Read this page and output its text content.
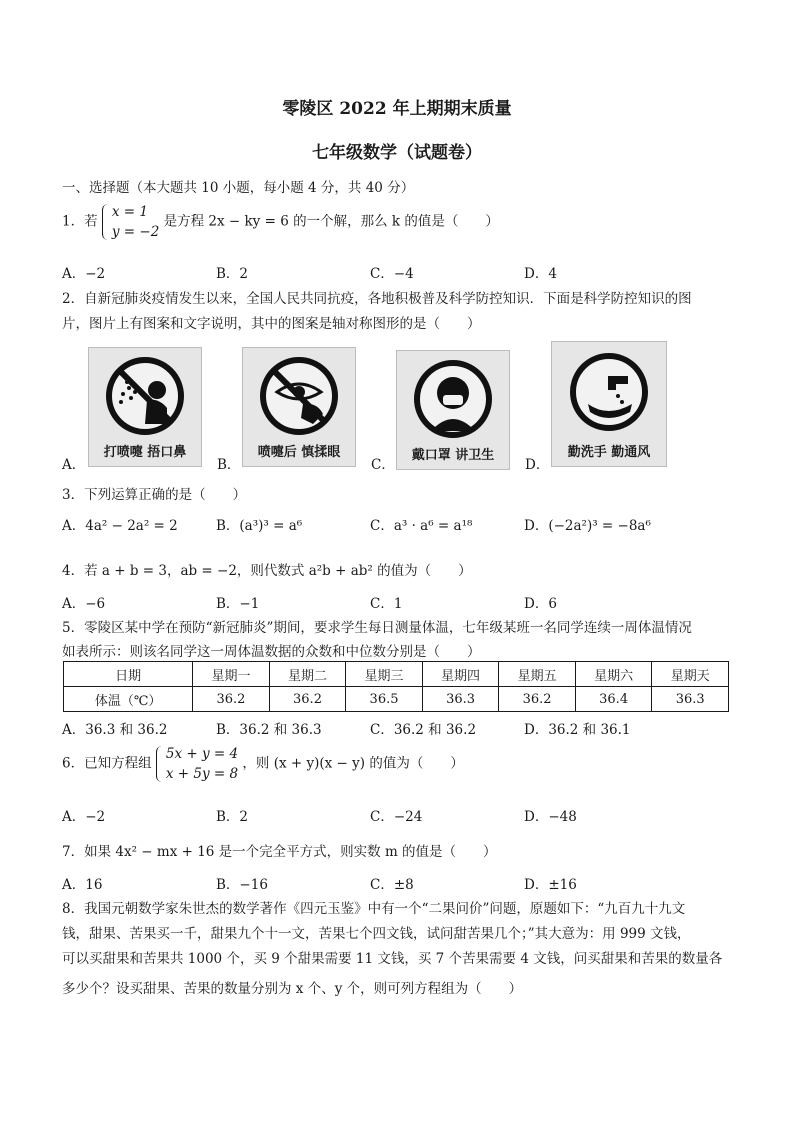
零陵区 2022 年上期期末质量
七年级数学（试题卷）
一、选择题（本大题共 10 小题，每小题 4 分，共 40 分）
1．若
x = 1
y = −2
是方程 2x − ky = 6 的一个解，那么 k 的值是（　　）
A．−2	B．2	C．−4	D．4
2．自新冠肺炎疫情发生以来，全国人民共同抗疫，各地积极普及科学防控知识．下面是科学防控知识的图
片，图片上有图案和文字说明，其中的图案是轴对称图形的是（　　）
A．
打喷嚏 捂口鼻
B．
喷嚏后 慎揉眼
C．
戴口罩 讲卫生
D．
勤洗手 勤通风
3．下列运算正确的是（　　）
A．4a² − 2a² = 2	B．(a³)³ = a⁶	C．a³ · a⁶ = a¹⁸	D．(−2a²)³ = −8a⁶
4．若 a + b = 3，ab = −2，则代数式 a²b + ab² 的值为（　　）
A．−6	B．−1	C．1	D．6
5．零陵区某中学在预防“新冠肺炎”期间，要求学生每日测量体温，七年级某班一名同学连续一周体温情况
如表所示：则该名同学这一周体温数据的众数和中位数分别是（　　）
日期	星期一	星期二	星期三	星期四	星期五	星期六	星期天
体温（℃）	36.2	36.2	36.5	36.3	36.2	36.4	36.3
A．36.3 和 36.2	B．36.2 和 36.3	C．36.2 和 36.2	D．36.2 和 36.1
6．已知方程组
5x + y = 4
x + 5y = 8
，则 (x + y)(x − y) 的值为（　　）
A．−2	B．2	C．−24	D．−48
7．如果 4x² − mx + 16 是一个完全平方式，则实数 m 的值是（　　）
A．16	B．−16	C．±8	D．±16
8．我国元朝数学家朱世杰的数学著作《四元玉鉴》中有一个“二果问价”问题，原题如下：“九百九十九文
钱，甜果、苦果买一千，甜果九个十一文，苦果七个四文钱，试问甜苦果几个；”其大意为：用 999 文钱，
可以买甜果和苦果共 1000 个，买 9 个甜果需要 11 文钱，买 7 个苦果需要 4 文钱，问买甜果和苦果的数量各
多少个？设买甜果、苦果的数量分别为 x 个、y 个，则可列方程组为（　　）
